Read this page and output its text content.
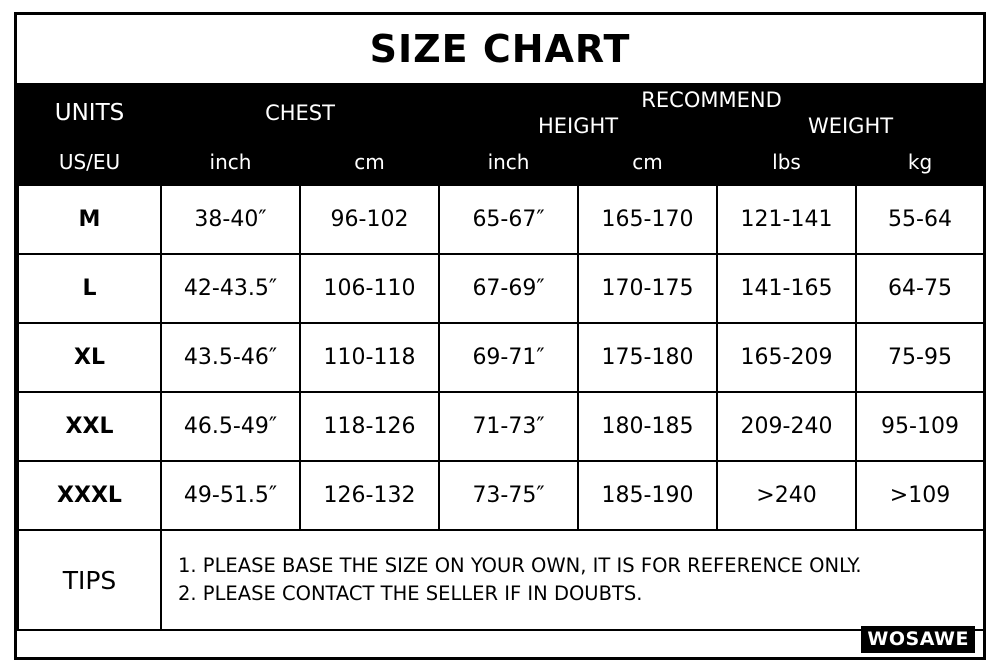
SIZE CHART
UNITS	CHEST		RECOMMEND			
			HEIGHT		WEIGHT	
US/EU	inch	cm	inch	cm	lbs	kg
M	38-40″	96-102	65-67″	165-170	121-141	55-64
L	42-43.5″	106-110	67-69″	170-175	141-165	64-75
XL	43.5-46″	110-118	69-71″	175-180	165-209	75-95
XXL	46.5-49″	118-126	71-73″	180-185	209-240	95-109
XXXL	49-51.5″	126-132	73-75″	185-190	>240	>109
TIPS	1. PLEASE BASE THE SIZE ON YOUR OWN, IT IS FOR REFERENCE ONLY.
2. PLEASE CONTACT THE SELLER IF IN DOUBTS.					
WOSAWE
